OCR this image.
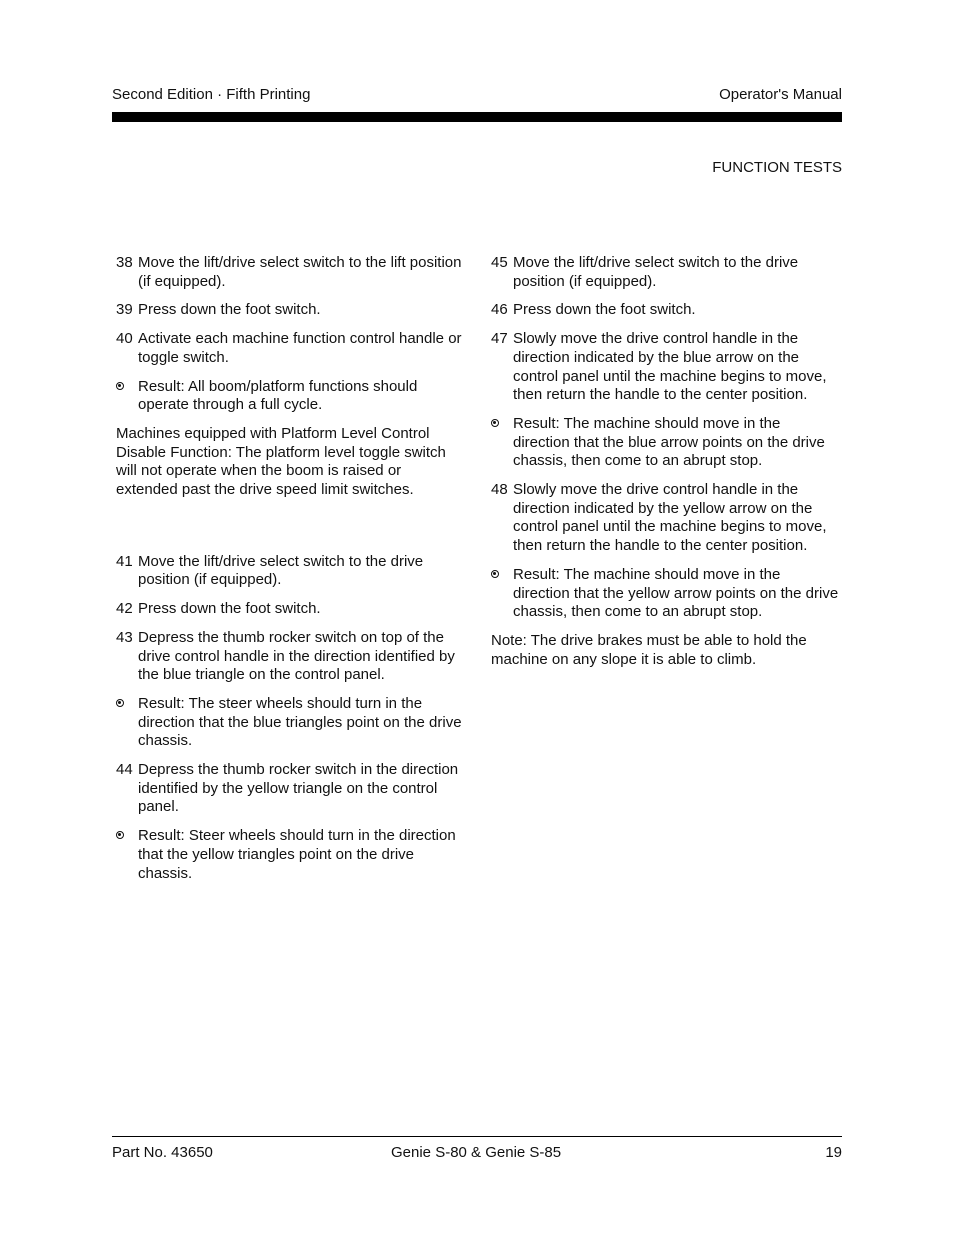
Second Edition · Fifth Printing	Operator's Manual
FUNCTION TESTS
38 Move the lift/drive select switch to the lift position (if equipped).
39 Press down the foot switch.
40 Activate each machine function control handle or toggle switch.
Result: All boom/platform functions should operate through a full cycle.
Machines equipped with Platform Level Control Disable Function: The platform level toggle switch will not operate when the boom is raised or extended past the drive speed limit switches.
41 Move the lift/drive select switch to the drive position (if equipped).
42 Press down the foot switch.
43 Depress the thumb rocker switch on top of the drive control handle in the direction identified by the blue triangle on the control panel.
Result: The steer wheels should turn in the direction that the blue triangles point on the drive chassis.
44 Depress the thumb rocker switch in the direction identified by the yellow triangle on the control panel.
Result: Steer wheels should turn in the direction that the yellow triangles point on the drive chassis.
45 Move the lift/drive select switch to the drive position (if equipped).
46 Press down the foot switch.
47 Slowly move the drive control handle in the direction indicated by the blue arrow on the control panel until the machine begins to move, then return the handle to the center position.
Result: The machine should move in the direction that the blue arrow points on the drive chassis, then come to an abrupt stop.
48 Slowly move the drive control handle in the direction indicated by the yellow arrow on the control panel until the machine begins to move, then return the handle to the center position.
Result: The machine should move in the direction that the yellow arrow points on the drive chassis, then come to an abrupt stop.
Note: The drive brakes must be able to hold the machine on any slope it is able to climb.
Part No. 43650	Genie S-80 & Genie S-85	19
